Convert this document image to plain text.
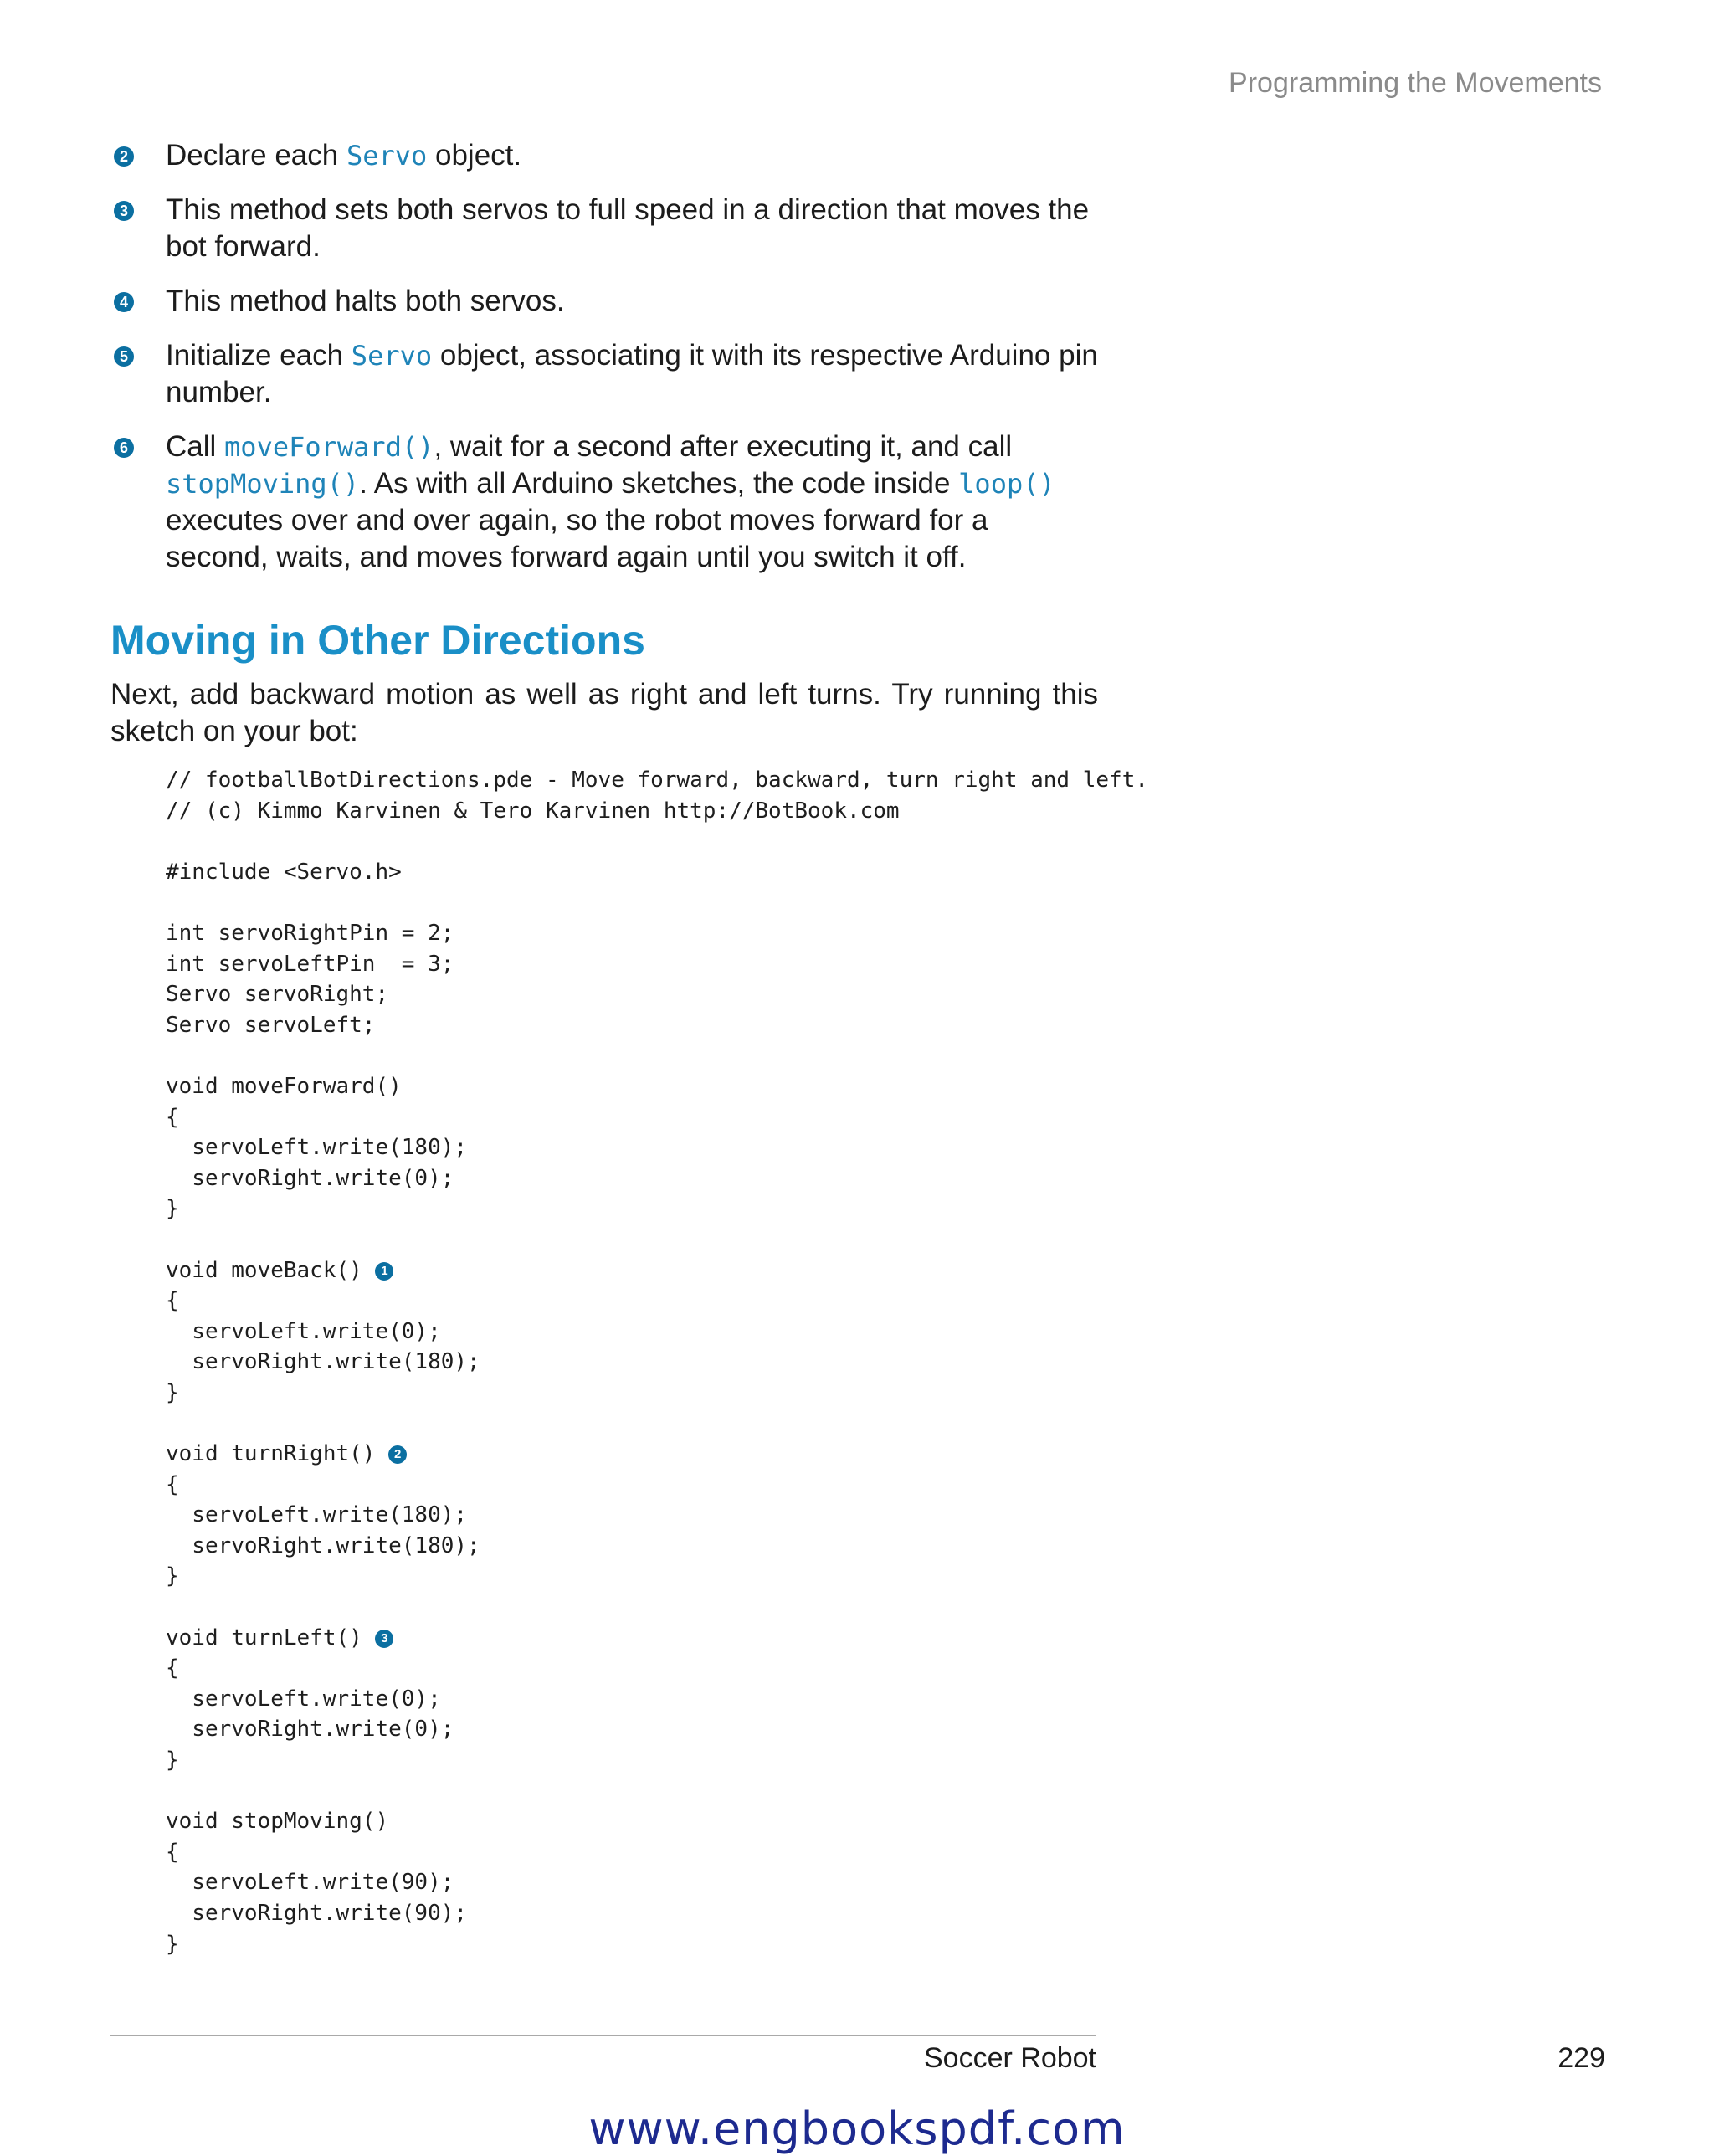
Programming the Movements
2 Declare each Servo object.
3 This method sets both servos to full speed in a direction that moves the bot forward.
4 This method halts both servos.
5 Initialize each Servo object, associating it with its respective Arduino pin number.
6 Call moveForward(), wait for a second after executing it, and call stopMoving(). As with all Arduino sketches, the code inside loop() executes over and over again, so the robot moves forward for a second, waits, and moves forward again until you switch it off.
Moving in Other Directions

Next, add backward motion as well as right and left turns. Try running this sketch on your bot:

// footballBotDirections.pde - Move forward, backward, turn right and left.
// (c) Kimmo Karvinen & Tero Karvinen http://BotBook.com

#include <Servo.h>

int servoRightPin = 2;
int servoLeftPin  = 3;
Servo servoRight;
Servo servoLeft;

void moveForward()
{
servoLeft.write(180);
servoRight.write(0);
}

void moveBack() 1
{
servoLeft.write(0);
servoRight.write(180);
}

void turnRight() 2
{
servoLeft.write(180);
servoRight.write(180);
}

void turnLeft() 3
{
servoLeft.write(0);
servoRight.write(0);
}

void stopMoving()
{
servoLeft.write(90);
servoRight.write(90);
}
Soccer Robot	229
www.engbookspdf.com
